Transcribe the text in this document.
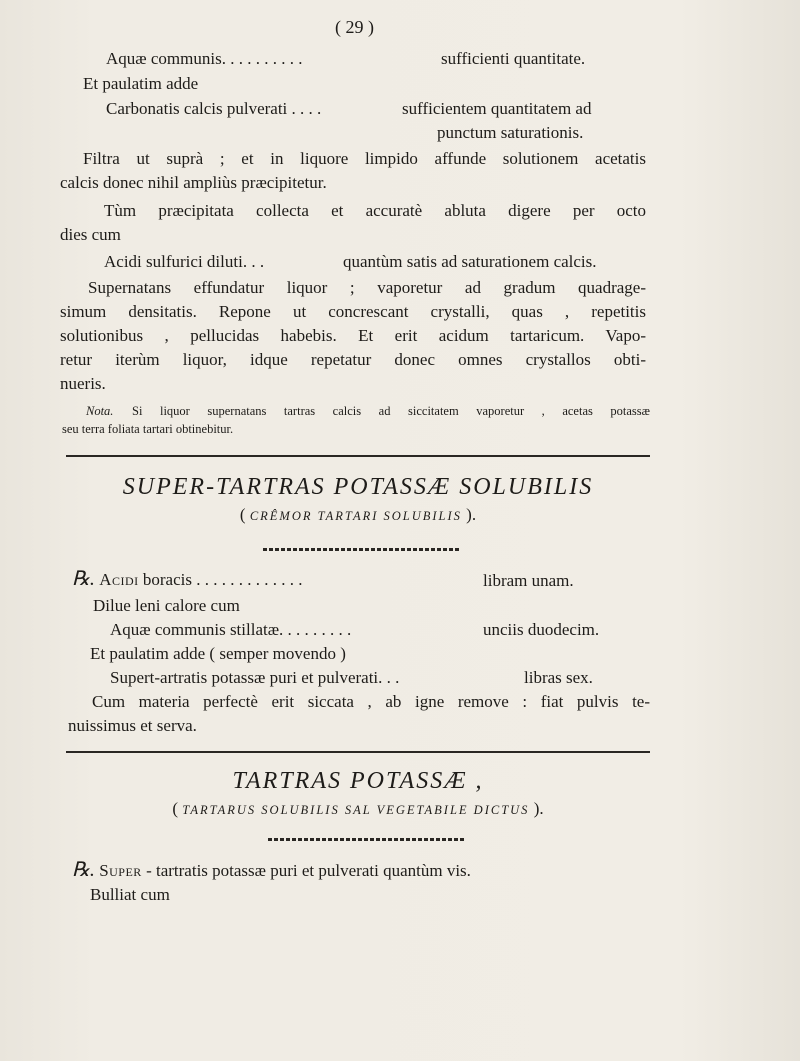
( 29 )
Aquæ communis. . . . . . . . . .	sufficienti quantitate.
Et paulatim adde
Carbonatis calcis pulverati . . . .	sufficientem quantitatem ad
punctum saturationis.
Filtra ut suprà ; et in liquore limpido affunde solutionem acetatis
calcis donec nihil ampliùs præcipitetur.
Tùm præcipitata collecta et accuratè abluta digere per octo
dies cum
Acidi sulfurici diluti. . .	quantùm satis ad saturationem calcis.
Supernatans effundatur liquor ; vaporetur ad gradum quadrage-
simum densitatis. Repone ut concrescant crystalli, quas , repetitis
solutionibus , pellucidas habebis. Et erit acidum tartaricum. Vapo-
retur iterùm liquor, idque repetatur donec omnes crystallos obti-
nueris.
Nota. Si liquor supernatans tartras calcis ad siccitatem vaporetur , acetas potassæ
seu terra foliata tartari obtinebitur.
SUPER-TARTRAS POTASSÆ SOLUBILIS
( CRÊMOR TARTARI SOLUBILIS ).
℞. Acidi boracis . . . . . . . . . . . . .	libram unam.
Dilue leni calore cum
Aquæ communis stillatæ. . . . . . . . .	unciis duodecim.
Et paulatim adde ( semper movendo )
Supert-artratis potassæ puri et pulverati. . .	libras sex.
Cum materia perfectè erit siccata , ab igne remove : fiat pulvis te-
nuissimus et serva.
TARTRAS POTASSÆ ,
( TARTARUS SOLUBILIS SAL VEGETABILE DICTUS ).
℞. Super - tartratis potassæ puri et pulverati quantùm vis.
Bulliat cum
